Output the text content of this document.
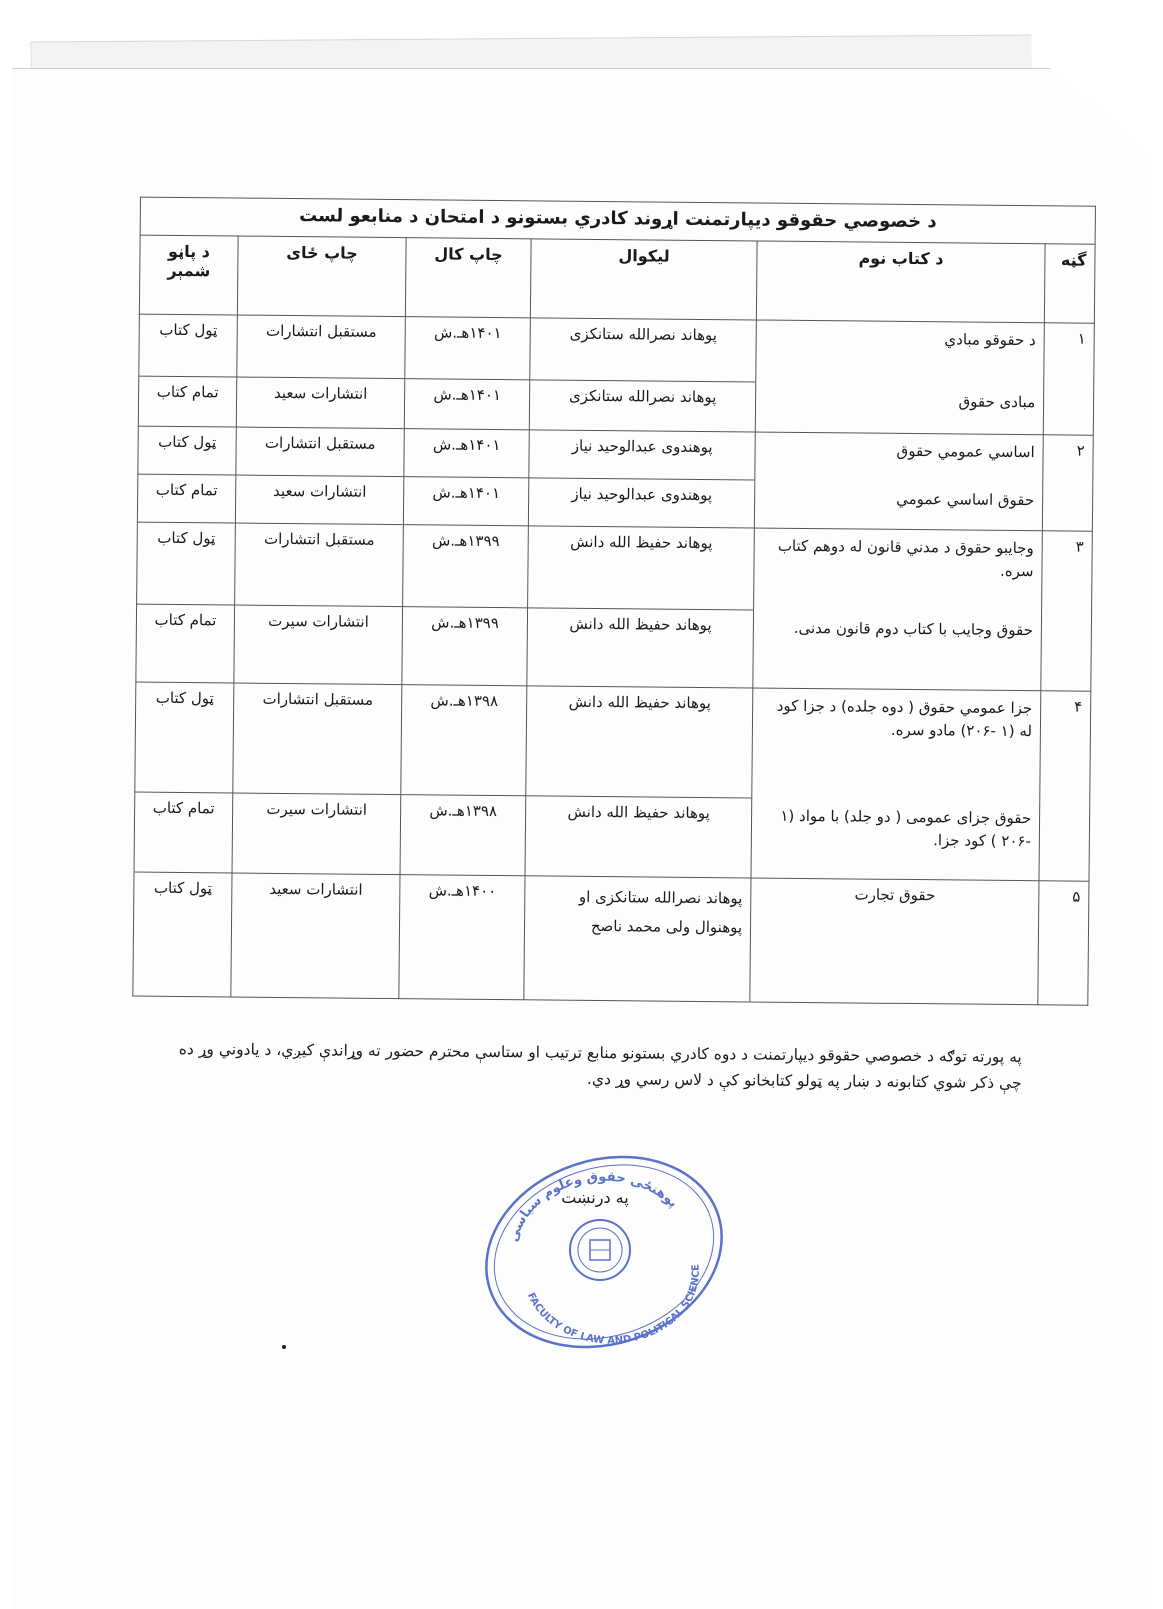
د خصوصي حقوقو دیپارتمنت اړوند کادري بستونو د امتحان د منابعو لست					
گڼه	د کتاب نوم	لیکوال	چاپ کال	چاپ ځای	د پاڼو شمېر
۱	د حقوقو مبادي	پوهاند نصرالله ستانکزی	۱۴۰۱هـ.ش	مستقبل انتشارات	ټول کتاب
	مبادی حقوق	پوهاند نصرالله ستانکزی	۱۴۰۱هـ.ش	انتشارات سعید	تمام کتاب
۲	اساسي عمومي حقوق	پوهندوی عبدالوحید نیاز	۱۴۰۱هـ.ش	مستقبل انتشارات	ټول کتاب
	حقوق اساسي عمومي	پوهندوی عبدالوحید نیاز	۱۴۰۱هـ.ش	انتشارات سعید	تمام کتاب
۳	وجایبو حقوق د مدني قانون له دوهم کتاب سره.	پوهاند حفیظ الله دانش	۱۳۹۹هـ.ش	مستقبل انتشارات	ټول کتاب
	حقوق وجایب با کتاب دوم قانون مدنی.	پوهاند حفیظ الله دانش	۱۳۹۹هـ.ش	انتشارات سیرت	تمام کتاب
۴	جزا عمومي حقوق ( دوه جلده) د جزا کود له (۱ -۲۰۶) مادو سره.	پوهاند حفیظ الله دانش	۱۳۹۸هـ.ش	مستقبل انتشارات	ټول کتاب
	حقوق جزای عمومی ( دو جلد) با مواد (۱ -۲۰۶ ) کود جزا.	پوهاند حفیظ الله دانش	۱۳۹۸هـ.ش	انتشارات سیرت	تمام کتاب
۵	حقوق تجارت	پوهاند نصرالله ستانکزی او پوهنوال ولی محمد ناصح	۱۴۰۰هـ.ش	انتشارات سعید	ټول کتاب
په پورته توګه د خصوصي حقوقو دیپارتمنت د دوه کادري بستونو منابع ترتیب او ستاسې محترم حضور ته وړاندې کیږي، د یادوني وړ ده چې ذکر شوي کتابونه د ښار په ټولو کتابخانو کې د لاس رسي وړ دي.
پوهنځی حقوق وعلوم سیاسی
FACULTY OF LAW AND POLITICAL SCIENCE
په درنښت
